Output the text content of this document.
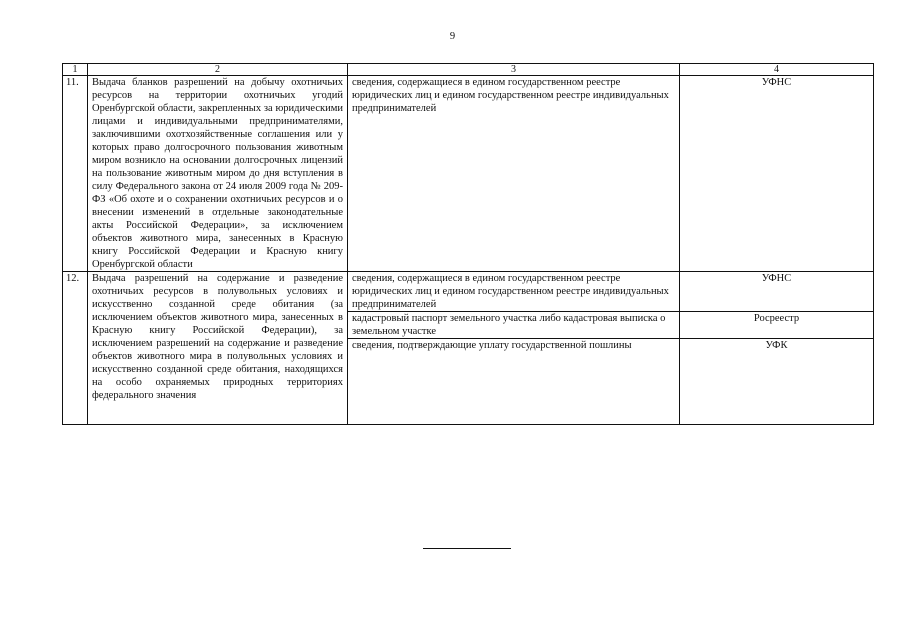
9
1	2	3	4
11.	Выдача бланков разрешений на добычу охотничьих ресурсов на территории охотничьих угодий Оренбургской области, закрепленных за юридическими лицами и индивидуальными предпринимателями, заключившими охотхозяйственные соглашения или у которых право долгосрочного пользования животным миром возникло на основании долгосрочных лицензий на пользование животным миром до дня вступления в силу Федерального закона от 24 июля 2009 года № 209-ФЗ «Об охоте и о сохранении охотничьих ресурсов и о внесении изменений в отдельные законодательные акты Российской Федерации», за исключением объектов животного мира, занесенных в Красную книгу Российской Федерации и Красную книгу Оренбургской области	сведения, содержащиеся в едином государственном реестре юридических лиц и едином государственном реестре индивидуальных предпринимателей	УФНС
12.	Выдача разрешений на содержание и разведение охотничьих ресурсов в полувольных условиях и искусственно созданной среде обитания (за исключением объектов животного мира, занесенных в Красную книгу Российской Федерации), за исключением разрешений на содержание и разведение объектов животного мира в полувольных условиях и искусственно созданной среде обитания, находящихся на особо охраняемых природных территориях федерального значения	сведения, содержащиеся в едином государственном реестре юридических лиц и едином государственном реестре индивидуальных предпринимателей	УФНС
		кадастровый паспорт земельного участка либо кадастровая выписка о земельном участке	Росреестр
		сведения, подтверждающие уплату государственной пошлины	УФК
